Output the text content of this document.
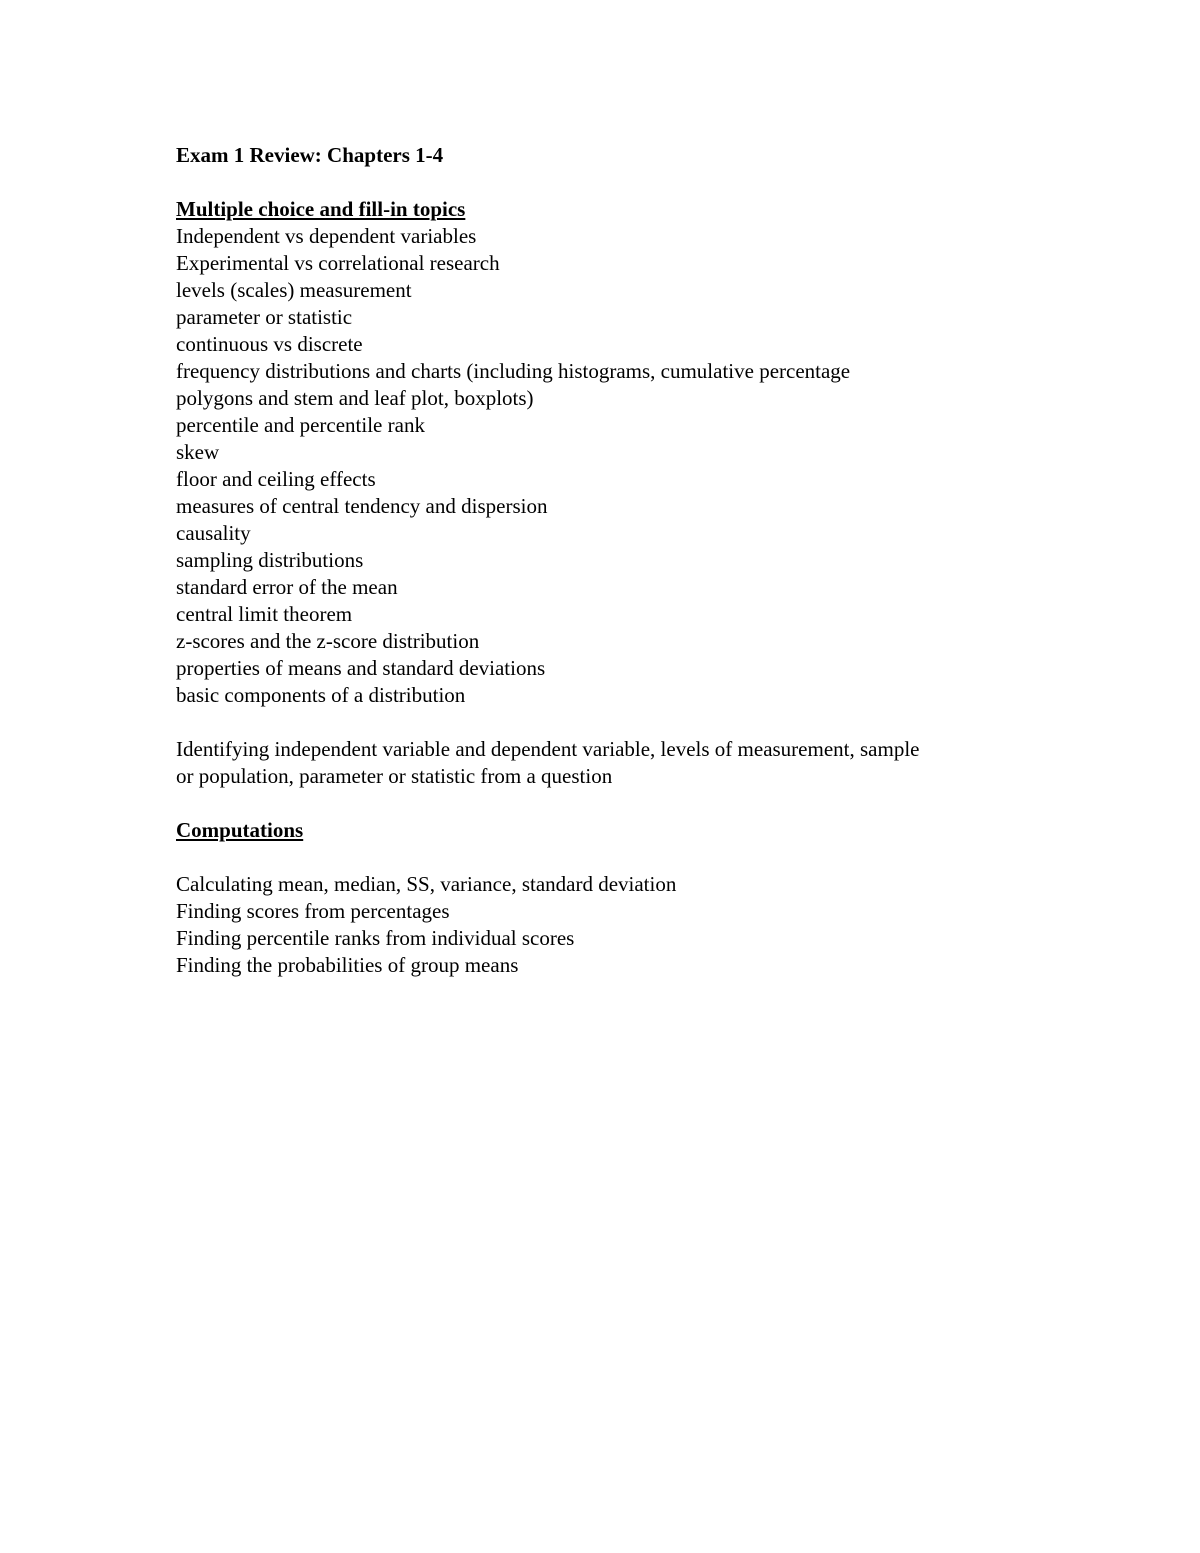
Exam 1 Review: Chapters 1-4
Multiple choice and fill-in topics
Independent vs dependent variables
Experimental vs correlational research
levels (scales) measurement
parameter or statistic
continuous vs discrete
frequency distributions and charts (including histograms, cumulative percentage
polygons and stem and leaf plot, boxplots)
percentile and percentile rank
skew
floor and ceiling effects
measures of central tendency and dispersion
causality
sampling distributions
standard error of the mean
central limit theorem
z-scores and the z-score distribution
properties of means and standard deviations
basic components of a distribution
Identifying independent variable and dependent variable, levels of measurement, sample
or population, parameter or statistic from a question
Computations
Calculating mean, median, SS, variance, standard deviation
Finding scores from percentages
Finding percentile ranks from individual scores
Finding the probabilities of group means
